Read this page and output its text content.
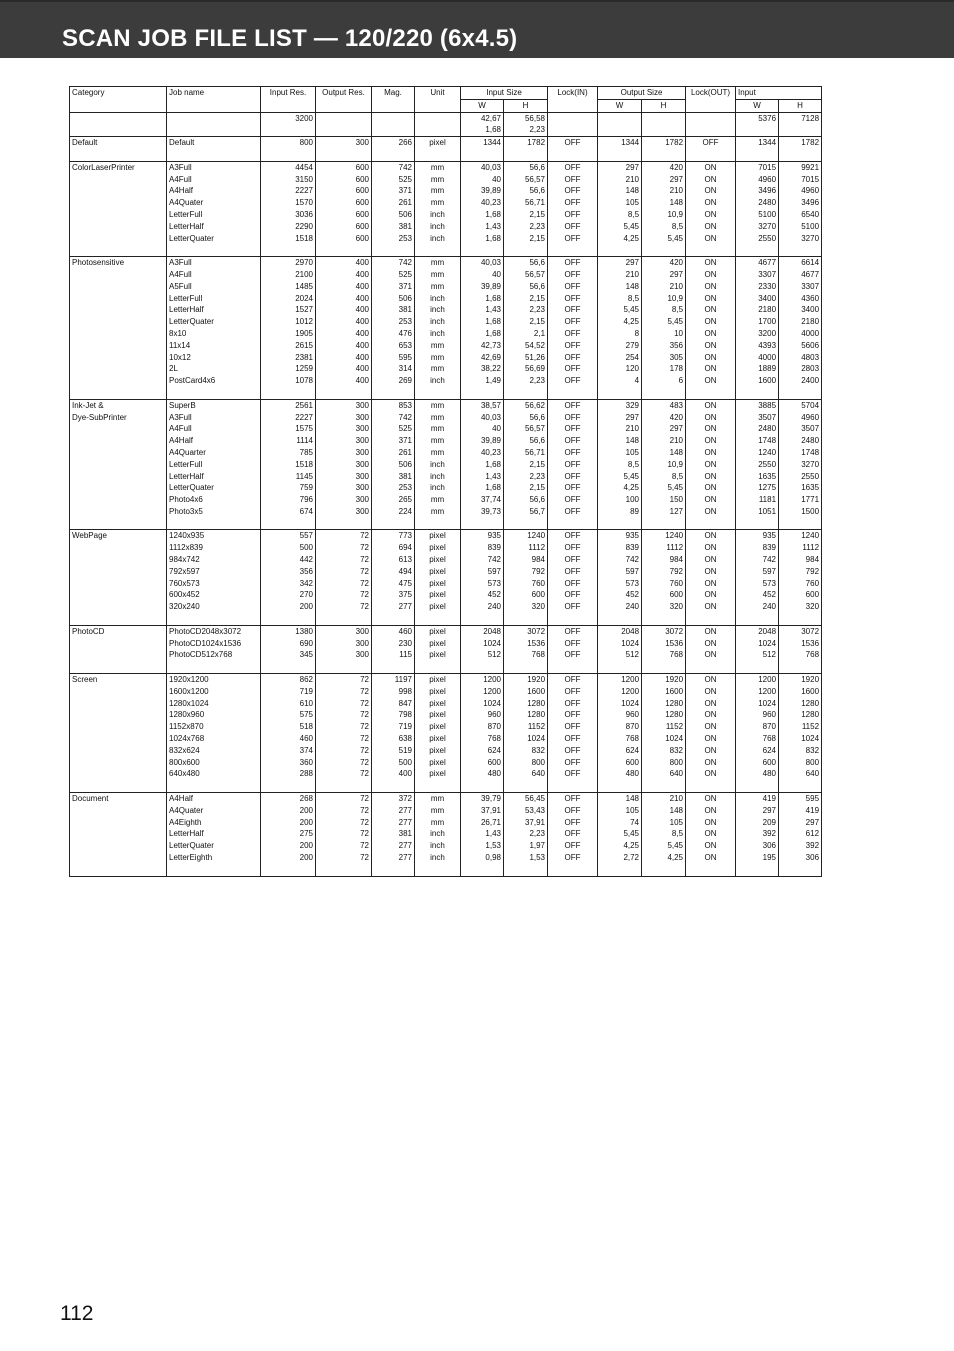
SCAN JOB FILE LIST — 120/220 (6x4.5)
Category	Job name	Input Res.	Output Res.	Mag.	Unit	Input Size		Lock(IN)	Output Size		Lock(OUT)	Input	
						W	H		W	H		W	H
		3200				42,67	56,58					5376	7128
						1,68	2,23						
Default	Default	800	300	266	pixel	1344	1782	OFF	1344	1782	OFF	1344	1782

ColorLaserPrinter	A3Full	4454	600	742	mm	40,03	56,6	OFF	297	420	ON	7015	9921
	A4Full	3150	600	525	mm	40	56,57	OFF	210	297	ON	4960	7015
	A4Half	2227	600	371	mm	39,89	56,6	OFF	148	210	ON	3496	4960
	A4Quater	1570	600	261	mm	40,23	56,71	OFF	105	148	ON	2480	3496
	LetterFull	3036	600	506	inch	1,68	2,15	OFF	8,5	10,9	ON	5100	6540
	LetterHalf	2290	600	381	inch	1,43	2,23	OFF	5,45	8,5	ON	3270	5100
	LetterQuater	1518	600	253	inch	1,68	2,15	OFF	4,25	5,45	ON	2550	3270

Photosensitive	A3Full	2970	400	742	mm	40,03	56,6	OFF	297	420	ON	4677	6614
	A4Full	2100	400	525	mm	40	56,57	OFF	210	297	ON	3307	4677
	A5Full	1485	400	371	mm	39,89	56,6	OFF	148	210	ON	2330	3307
	LetterFull	2024	400	506	inch	1,68	2,15	OFF	8,5	10,9	ON	3400	4360
	LetterHalf	1527	400	381	inch	1,43	2,23	OFF	5,45	8,5	ON	2180	3400
	LetterQuater	1012	400	253	inch	1,68	2,15	OFF	4,25	5,45	ON	1700	2180
	8x10	1905	400	476	inch	1,68	2,1	OFF	8	10	ON	3200	4000
	11x14	2615	400	653	mm	42,73	54,52	OFF	279	356	ON	4393	5606
	10x12	2381	400	595	mm	42,69	51,26	OFF	254	305	ON	4000	4803
	2L	1259	400	314	mm	38,22	56,69	OFF	120	178	ON	1889	2803
	PostCard4x6	1078	400	269	inch	1,49	2,23	OFF	4	6	ON	1600	2400

Ink-Jet &	SuperB	2561	300	853	mm	38,57	56,62	OFF	329	483	ON	3885	5704
Dye-SubPrinter	A3Full	2227	300	742	mm	40,03	56,6	OFF	297	420	ON	3507	4960
	A4Full	1575	300	525	mm	40	56,57	OFF	210	297	ON	2480	3507
	A4Half	1114	300	371	mm	39,89	56,6	OFF	148	210	ON	1748	2480
	A4Quarter	785	300	261	mm	40,23	56,71	OFF	105	148	ON	1240	1748
	LetterFull	1518	300	506	inch	1,68	2,15	OFF	8,5	10,9	ON	2550	3270
	LetterHalf	1145	300	381	inch	1,43	2,23	OFF	5,45	8,5	ON	1635	2550
	LetterQuater	759	300	253	inch	1,68	2,15	OFF	4,25	5,45	ON	1275	1635
	Photo4x6	796	300	265	mm	37,74	56,6	OFF	100	150	ON	1181	1771
	Photo3x5	674	300	224	mm	39,73	56,7	OFF	89	127	ON	1051	1500

WebPage	1240x935	557	72	773	pixel	935	1240	OFF	935	1240	ON	935	1240
	1112x839	500	72	694	pixel	839	1112	OFF	839	1112	ON	839	1112
	984x742	442	72	613	pixel	742	984	OFF	742	984	ON	742	984
	792x597	356	72	494	pixel	597	792	OFF	597	792	ON	597	792
	760x573	342	72	475	pixel	573	760	OFF	573	760	ON	573	760
	600x452	270	72	375	pixel	452	600	OFF	452	600	ON	452	600
	320x240	200	72	277	pixel	240	320	OFF	240	320	ON	240	320

PhotoCD	PhotoCD2048x3072	1380	300	460	pixel	2048	3072	OFF	2048	3072	ON	2048	3072
	PhotoCD1024x1536	690	300	230	pixel	1024	1536	OFF	1024	1536	ON	1024	1536
	PhotoCD512x768	345	300	115	pixel	512	768	OFF	512	768	ON	512	768

Screen	1920x1200	862	72	1197	pixel	1200	1920	OFF	1200	1920	ON	1200	1920
	1600x1200	719	72	998	pixel	1200	1600	OFF	1200	1600	ON	1200	1600
	1280x1024	610	72	847	pixel	1024	1280	OFF	1024	1280	ON	1024	1280
	1280x960	575	72	798	pixel	960	1280	OFF	960	1280	ON	960	1280
	1152x870	518	72	719	pixel	870	1152	OFF	870	1152	ON	870	1152
	1024x768	460	72	638	pixel	768	1024	OFF	768	1024	ON	768	1024
	832x624	374	72	519	pixel	624	832	OFF	624	832	ON	624	832
	800x600	360	72	500	pixel	600	800	OFF	600	800	ON	600	800
	640x480	288	72	400	pixel	480	640	OFF	480	640	ON	480	640

Document	A4Half	268	72	372	mm	39,79	56,45	OFF	148	210	ON	419	595
	A4Quater	200	72	277	mm	37,91	53,43	OFF	105	148	ON	297	419
	A4Eighth	200	72	277	mm	26,71	37,91	OFF	74	105	ON	209	297
	LetterHalf	275	72	381	inch	1,43	2,23	OFF	5,45	8,5	ON	392	612
	LetterQuater	200	72	277	inch	1,53	1,97	OFF	4,25	5,45	ON	306	392
	LetterEighth	200	72	277	inch	0,98	1,53	OFF	2,72	4,25	ON	195	306

112
